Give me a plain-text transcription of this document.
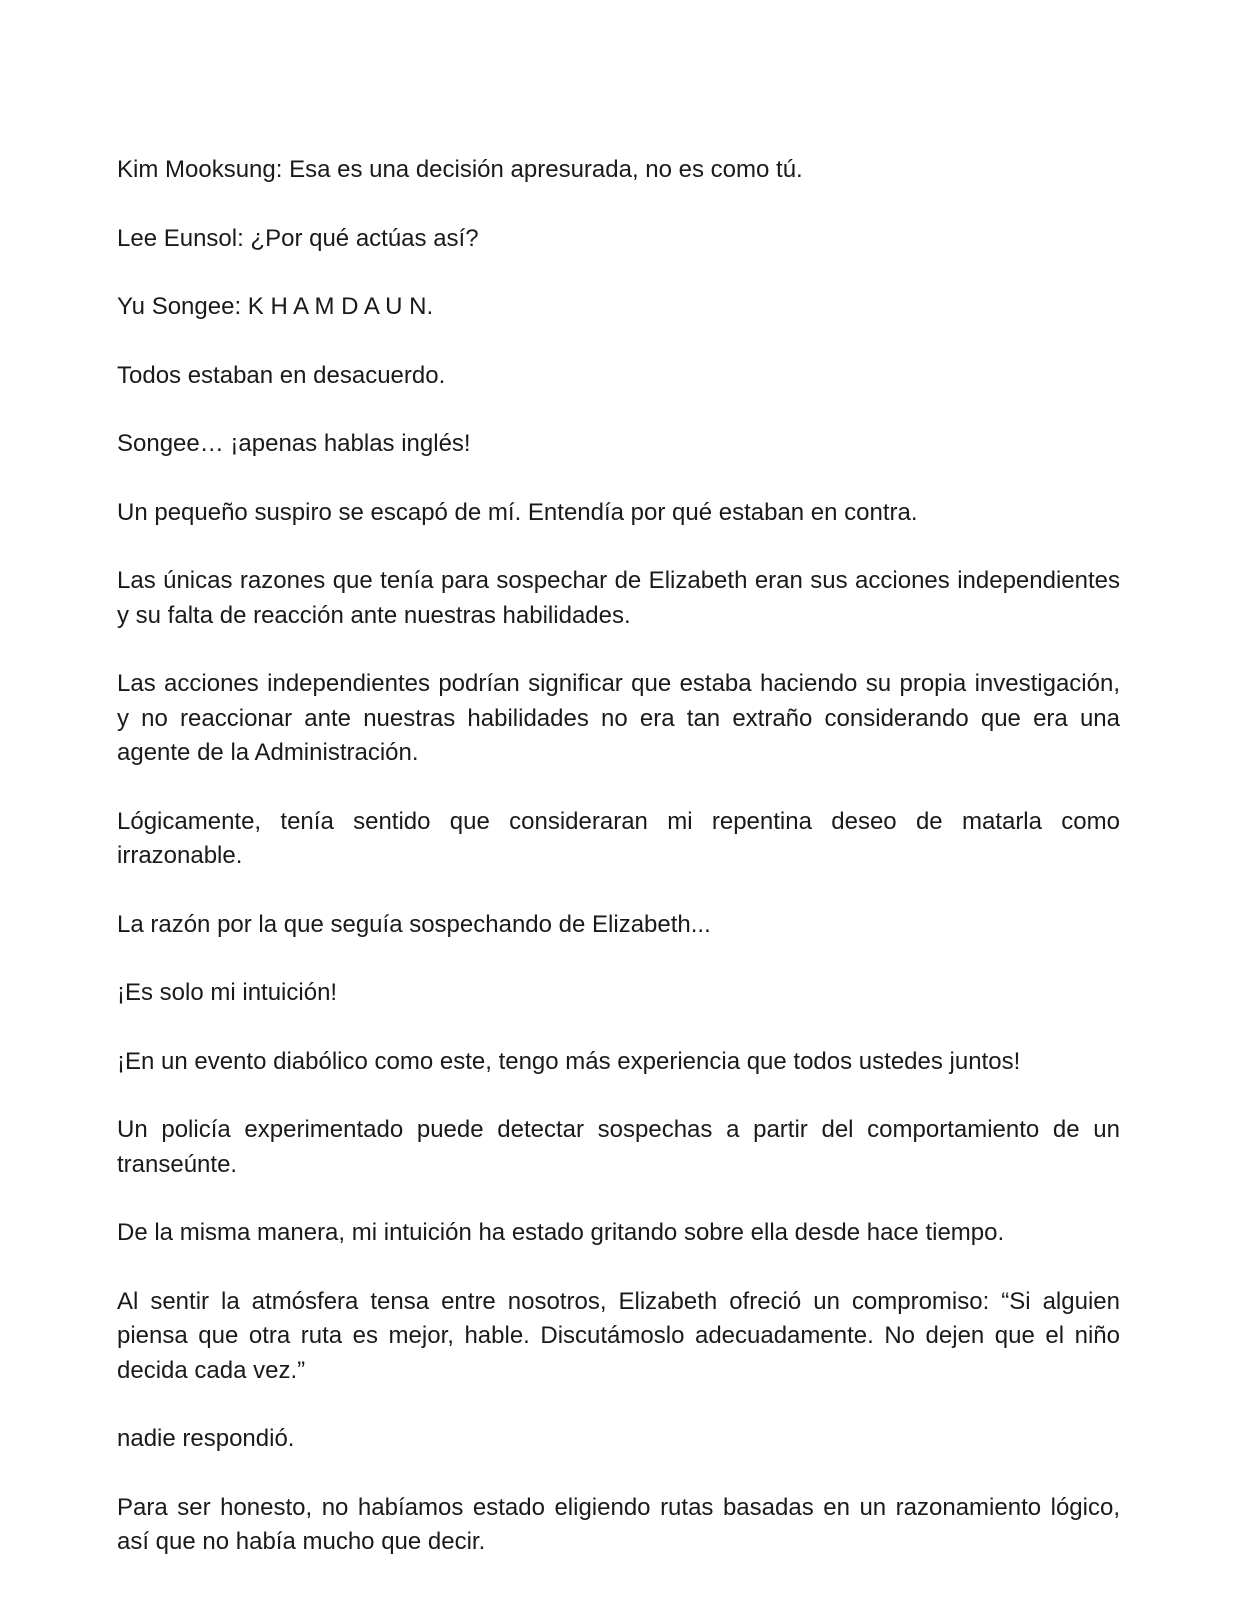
Kim Mooksung: Esa es una decisión apresurada, no es como tú.

Lee Eunsol: ¿Por qué actúas así?

Yu Songee: K H A M D A U N.

Todos estaban en desacuerdo.

Songee… ¡apenas hablas inglés!

Un pequeño suspiro se escapó de mí. Entendía por qué estaban en contra.

Las únicas razones que tenía para sospechar de Elizabeth eran sus acciones independientes y su falta de reacción ante nuestras habilidades.

Las acciones independientes podrían significar que estaba haciendo su propia investigación, y no reaccionar ante nuestras habilidades no era tan extraño considerando que era una agente de la Administración.

Lógicamente, tenía sentido que consideraran mi repentina deseo de matarla como irrazonable.

La razón por la que seguía sospechando de Elizabeth...

¡Es solo mi intuición!

¡En un evento diabólico como este, tengo más experiencia que todos ustedes juntos!

Un policía experimentado puede detectar sospechas a partir del comportamiento de un transeúnte.

De la misma manera, mi intuición ha estado gritando sobre ella desde hace tiempo.

Al sentir la atmósfera tensa entre nosotros, Elizabeth ofreció un compromiso: “Si alguien piensa que otra ruta es mejor, hable. Discutámoslo adecuadamente. No dejen que el niño decida cada vez.”

nadie respondió.

Para ser honesto, no habíamos estado eligiendo rutas basadas en un razonamiento lógico, así que no había mucho que decir.
